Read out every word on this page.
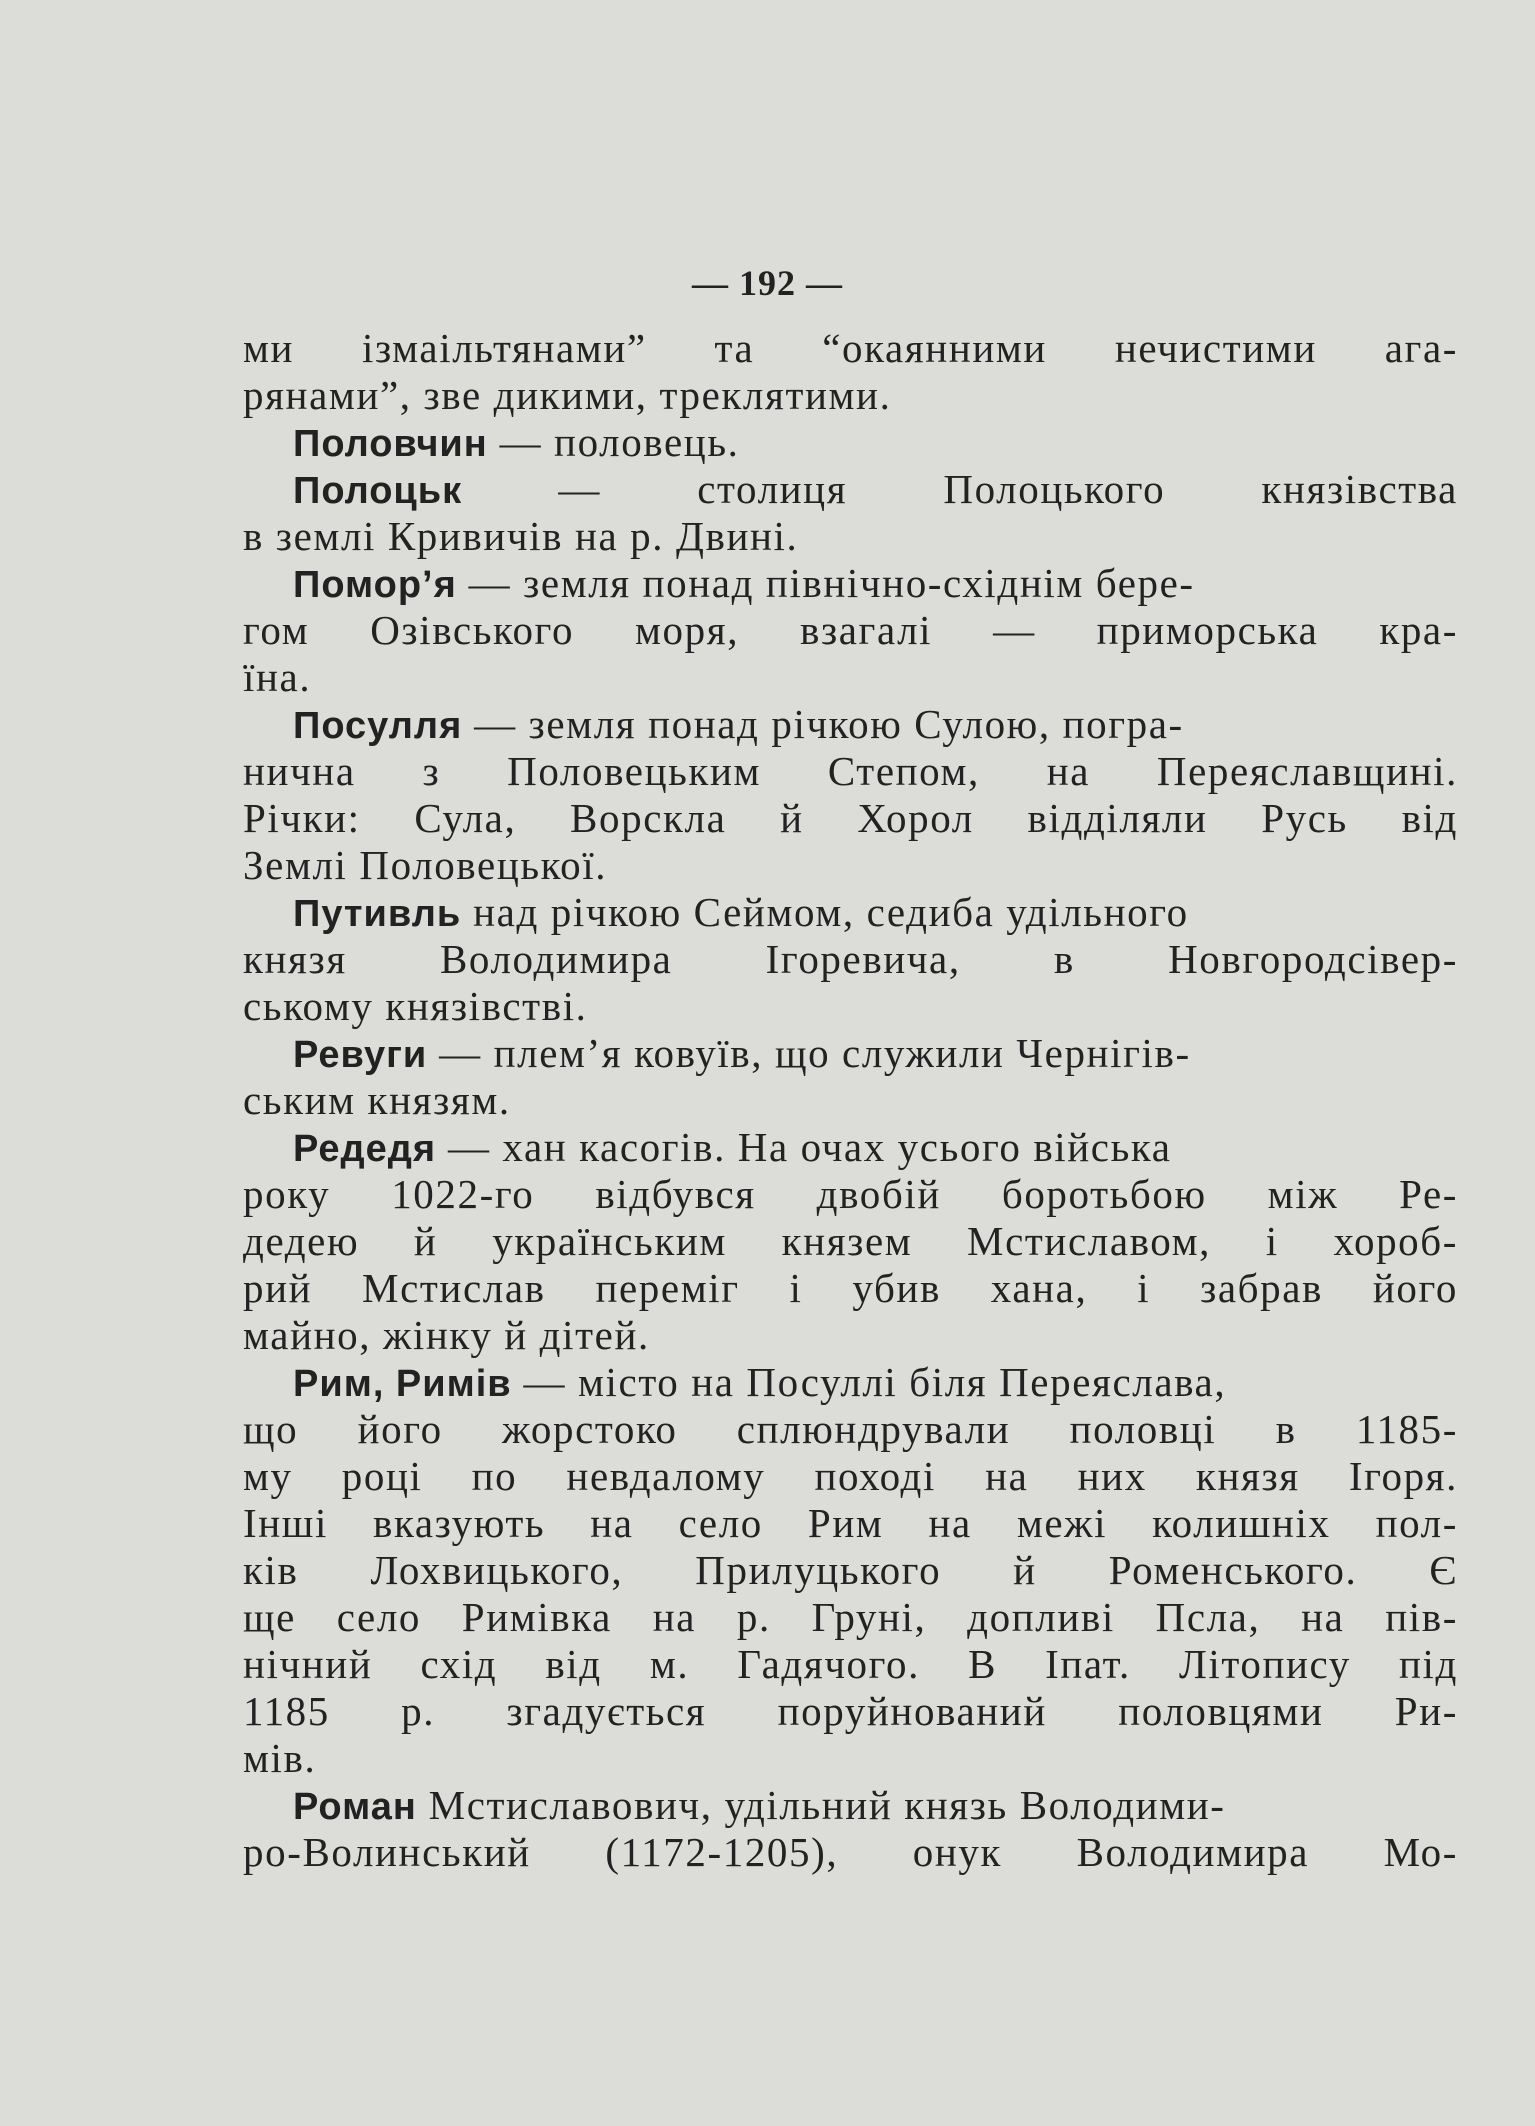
— 192 —
ми ізмаільтянами” та “окаянними нечистими ага-
рянами”, зве дикими, треклятими.
Половчин — половець.
Полоцьк — столиця Полоцького князівства
в землі Кривичів на р. Двині.
Помор’я — земля понад північно-східнім бере-
гом Озівського моря, взагалі — приморська кра-
їна.
Посулля — земля понад річкою Сулою, погра-
нична з Половецьким Степом, на Переяславщині.
Річки: Сула, Ворскла й Хорол відділяли Русь від
Землі Половецької.
Путивль над річкою Сеймом, седиба удільного
князя Володимира Ігоревича, в Новгородсівер-
ському князівстві.
Ревуги — плем’я ковуїв, що служили Чернігів-
ським князям.
Редедя — хан касогів. На очах усього війська
року 1022-го відбувся двобій боротьбою між Ре-
дедею й українським князем Мстиславом, і хороб-
рий Мстислав переміг і убив хана, і забрав його
майно, жінку й дітей.
Рим, Римів — місто на Посуллі біля Переяслава,
що його жорстоко сплюндрували половці в 1185-
му році по невдалому поході на них князя Ігоря.
Інші вказують на село Рим на межі колишніх пол-
ків Лохвицького, Прилуцького й Роменського. Є
ще село Римівка на р. Груні, допливі Псла, на пів-
нічний схід від м. Гадячого. В Іпат. Літопису під
1185 р. згадується поруйнований половцями Ри-
мів.
Роман Мстиславович, удільний князь Володими-
ро-Волинський (1172-1205), онук Володимира Мо-
